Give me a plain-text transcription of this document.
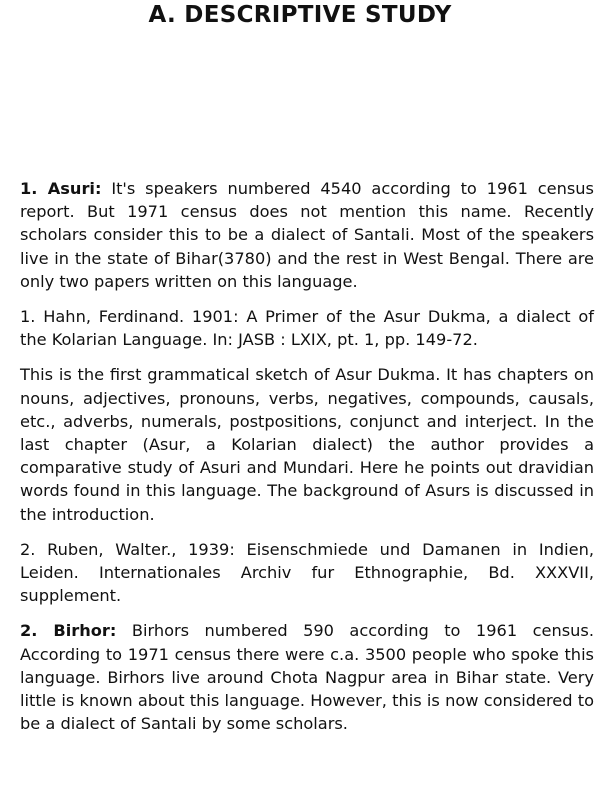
A. DESCRIPTIVE STUDY

1. Asuri: It's speakers numbered 4540 according to 1961 census report. But 1971 census does not mention this name. Recently scholars consider this to be a dialect of Santali. Most of the speakers live in the state of Bihar(3780) and the rest in West Bengal. There are only two papers written on this language.

1. Hahn, Ferdinand. 1901: A Primer of the Asur Dukma, a dialect of the Kolarian Language. In: JASB : LXIX, pt. 1, pp. 149-72.

This is the first grammatical sketch of Asur Dukma. It has chapters on nouns, adjectives, pronouns, verbs, negatives, compounds, causals, etc., adverbs, numerals, postpositions, conjunct and interject. In the last chapter (Asur, a Kolarian dialect) the author provides a comparative study of Asuri and Mundari. Here he points out dravidian words found in this language. The background of Asurs is discussed in the introduction.

2. Ruben, Walter., 1939: Eisenschmiede und Damanen in Indien, Leiden. Internationales Archiv fur Ethnographie, Bd. XXXVII, supplement.

2. Birhor: Birhors numbered 590 according to 1961 census. According to 1971 census there were c.a. 3500 people who spoke this language. Birhors live around Chota Nagpur area in Bihar state. Very little is known about this language. However, this is now considered to be a dialect of Santali by some scholars.
